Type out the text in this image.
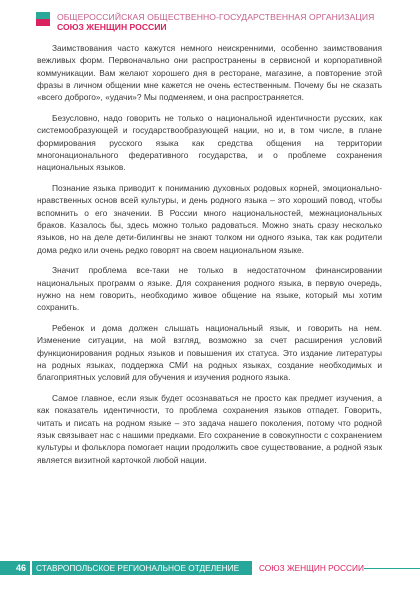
ОБЩЕРОССИЙСКАЯ ОБЩЕСТВЕННО-ГОСУДАРСТВЕННАЯ ОРГАНИЗАЦИЯ
СОЮЗ ЖЕНЩИН РОССИИ

Заимствования часто кажутся немного неискренними, особенно заимствования вежливых форм. Первоначально они распространены в сервисной и корпоративной коммуникации. Вам желают хорошего дня в ресторане, магазине, а повторение этой фразы в личном общении мне кажется не очень естественным. Почему бы не сказать «всего доброго», «удачи»? Мы подменяем, и она распространяется.

Безусловно, надо говорить не только о национальной идентичности русских, как системообразующей и государствообразующей нации, но и, в том числе, в плане формирования русского языка как средства общения на территории многонационального федеративного государства, и о проблеме сохранения национальных языков.

Познание языка приводит к пониманию духовных родовых корней, эмоционально-нравственных основ всей культуры, и день родного языка – это хороший повод, чтобы вспомнить о его значении. В России много национальностей, межнациональных браков. Казалось бы, здесь можно только радоваться. Можно знать сразу несколько языков, но на деле дети-билингвы не знают толком ни одного языка, так как родители дома редко или очень редко говорят на своем национальном языке.

Значит проблема все-таки не только в недостаточном финансировании национальных программ о языке. Для сохранения родного языка, в первую очередь, нужно на нем говорить, необходимо живое общение на языке, который мы хотим сохранить.

Ребенок и дома должен слышать национальный язык, и говорить на нем. Изменение ситуации, на мой взгляд, возможно за счет расширения условий функционирования родных языков и повышения их статуса. Это издание литературы на родных языках, поддержка СМИ на родных языках, создание необходимых и благоприятных условий для обучения и изучения родного языка.

Самое главное, если язык будет осознаваться не просто как предмет изучения, а как показатель идентичности, то проблема сохранения языков отпадет. Говорить, читать и писать на родном языке – это задача нашего поколения, потому что родной язык связывает нас с нашими предками. Его сохранение в совокупности с сохранением культуры и фольклора помогает нации продолжить свое существование, а родной язык является визитной карточкой любой нации.

46	СТАВРОПОЛЬСКОЕ РЕГИОНАЛЬНОЕ ОТДЕЛЕНИЕ СОЮЗ ЖЕНЩИН РОССИИ
